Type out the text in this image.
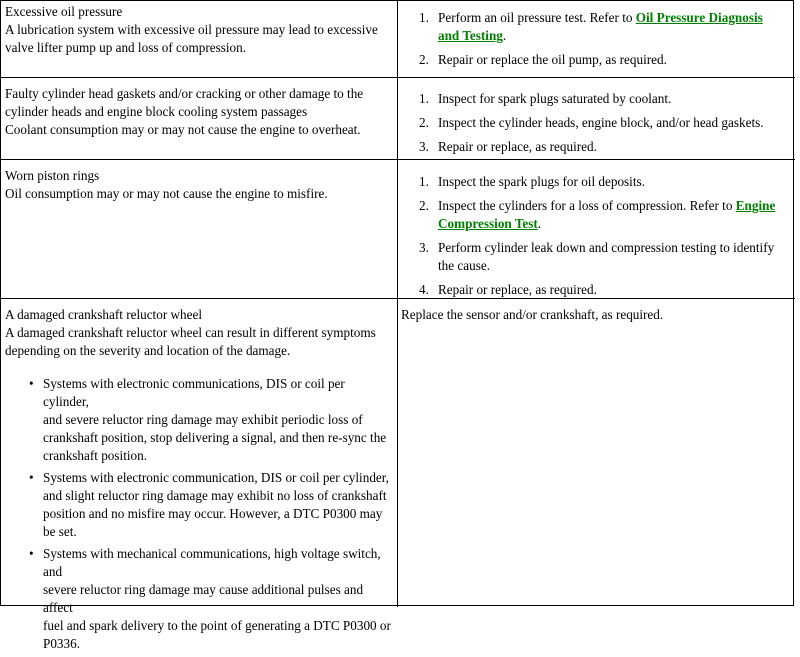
Excessive oil pressure
A lubrication system with excessive oil pressure may lead to excessive
valve lifter pump up and loss of compression.
1. Perform an oil pressure test. Refer to Oil Pressure Diagnosis
and Testing.
2. Repair or replace the oil pump, as required.
Faulty cylinder head gaskets and/or cracking or other damage to the
cylinder heads and engine block cooling system passages
Coolant consumption may or may not cause the engine to overheat.
1. Inspect for spark plugs saturated by coolant.
2. Inspect the cylinder heads, engine block, and/or head gaskets.
3. Repair or replace, as required.
Worn piston rings
Oil consumption may or may not cause the engine to misfire.
1. Inspect the spark plugs for oil deposits.
2. Inspect the cylinders for a loss of compression. Refer to Engine
Compression Test.
3. Perform cylinder leak down and compression testing to identify
the cause.
4. Repair or replace, as required.
A damaged crankshaft reluctor wheel
A damaged crankshaft reluctor wheel can result in different symptoms
depending on the severity and location of the damage.
• Systems with electronic communications, DIS or coil per cylinder,
and severe reluctor ring damage may exhibit periodic loss of
crankshaft position, stop delivering a signal, and then re-sync the
crankshaft position.
• Systems with electronic communication, DIS or coil per cylinder,
and slight reluctor ring damage may exhibit no loss of crankshaft
position and no misfire may occur. However, a DTC P0300 may
be set.
• Systems with mechanical communications, high voltage switch, and
severe reluctor ring damage may cause additional pulses and affect
fuel and spark delivery to the point of generating a DTC P0300 or
P0336.
Replace the sensor and/or crankshaft, as required.
